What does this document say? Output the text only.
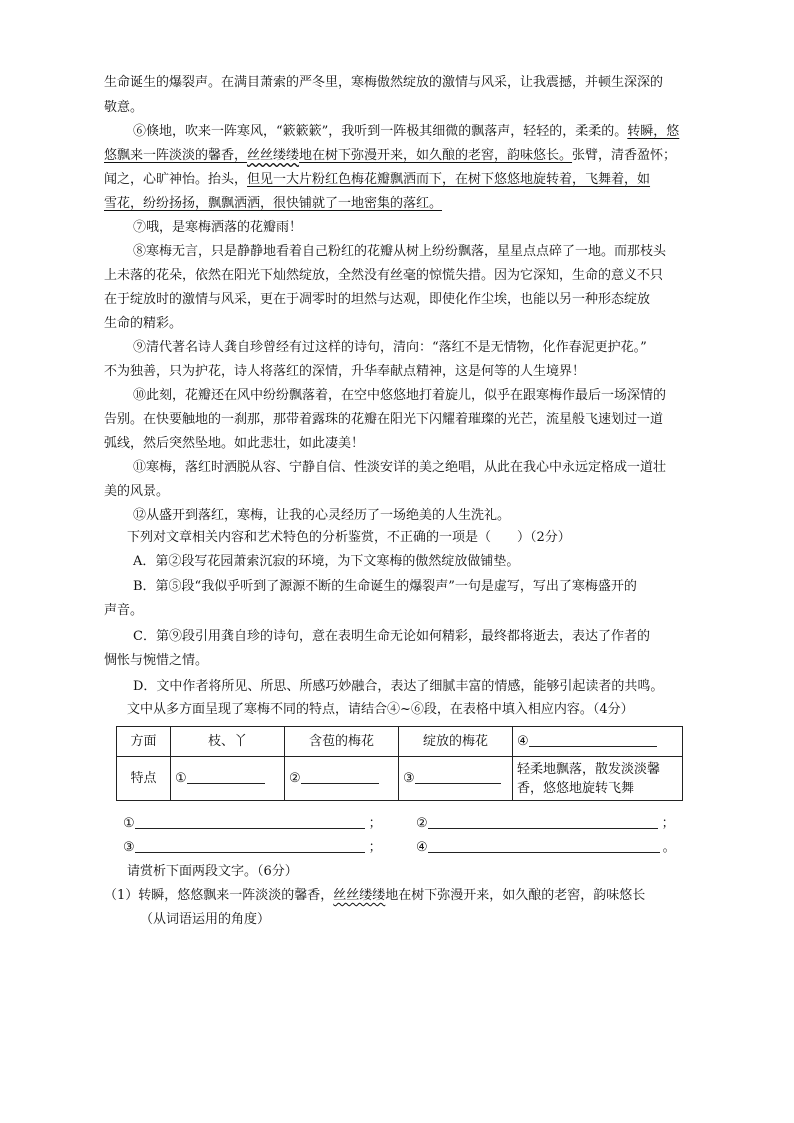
生命诞生的爆裂声。在满目萧索的严冬里，寒梅傲然绽放的激情与风采，让我震撼，并顿生深深的
敬意。
⑥倏地，吹来一阵寒风，“簌簌簌”，我听到一阵极其细微的飘落声，轻轻的，柔柔的。转瞬，悠
悠飘来一阵淡淡的馨香，丝丝缕缕地在树下弥漫开来，如久酿的老窖，韵味悠长。张臂，清香盈怀；
闻之，心旷神怡。抬头，但见一大片粉红色梅花瓣飘洒而下，在树下悠悠地旋转着，飞舞着，如
雪花，纷纷扬扬，飘飘洒洒，很快铺就了一地密集的落红。
⑦哦，是寒梅洒落的花瓣雨！
⑧寒梅无言，只是静静地看着自己粉红的花瓣从树上纷纷飘落，星星点点碎了一地。而那枝头
上未落的花朵，依然在阳光下灿然绽放，全然没有丝毫的惊慌失措。因为它深知，生命的意义不只
在于绽放时的激情与风采，更在于凋零时的坦然与达观，即使化作尘埃，也能以另一种形态绽放
生命的精彩。
⑨清代著名诗人龚自珍曾经有过这样的诗句，清向：“落红不是无情物，化作春泥更护花。”
不为独善，只为护花，诗人将落红的深情，升华奉献点精神，这是何等的人生境界！
⑩此刻，花瓣还在风中纷纷飘落着，在空中悠悠地打着旋儿，似乎在跟寒梅作最后一场深情的
告别。在快要触地的一刹那，那带着露珠的花瓣在阳光下闪耀着璀璨的光芒，流星般飞速划过一道
弧线，然后突然坠地。如此悲壮，如此凄美！
⑪寒梅，落红时洒脱从容、宁静自信、性淡安详的美之绝唱，从此在我心中永远定格成一道壮
美的风景。
⑫从盛开到落红，寒梅，让我的心灵经历了一场绝美的人生洗礼。
下列对文章相关内容和艺术特色的分析鉴赏，不正确的一项是（　　）（2分）
A．第②段写花园萧索沉寂的环境，为下文寒梅的傲然绽放做铺垫。
B．第⑤段“我似乎听到了源源不断的生命诞生的爆裂声”一句是虚写，写出了寒梅盛开的
声音。
C．第⑨段引用龚自珍的诗句，意在表明生命无论如何精彩，最终都将逝去，表达了作者的
惆怅与惋惜之情。
D．文中作者将所见、所思、所感巧妙融合，表达了细腻丰富的情感，能够引起读者的共鸣。
文中从多方面呈现了寒梅不同的特点，请结合④~⑥段，在表格中填入相应内容。（4分）
方面	枝、丫	含苞的梅花	绽放的梅花	④
特点	①	②	③	轻柔地飘落，散发淡淡馨香，悠悠地旋转飞舞
①	；	②	；
③	；	④	。
请赏析下面两段文字。（6分）
（1）转瞬，悠悠飘来一阵淡淡的馨香，丝丝缕缕地在树下弥漫开来，如久酿的老窖，韵味悠长
（从词语运用的角度）
